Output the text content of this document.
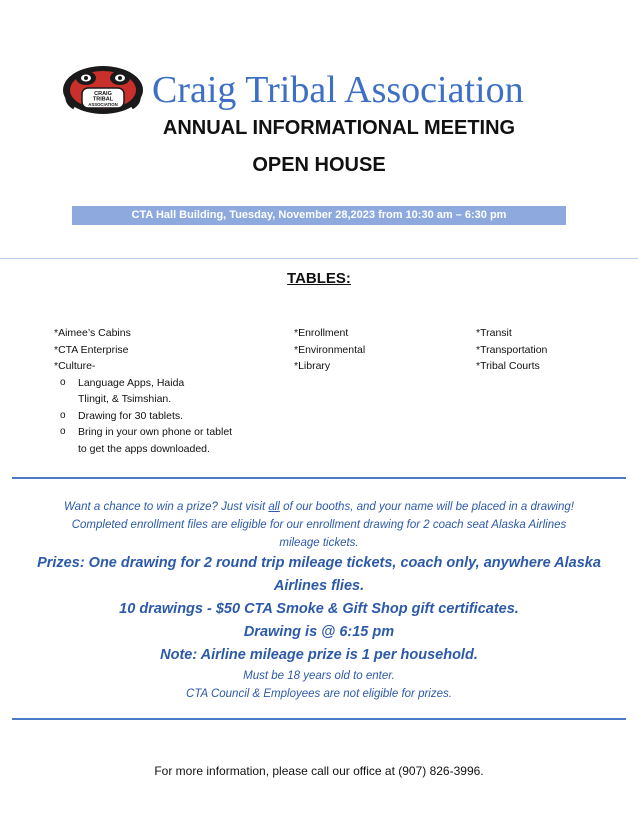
CRAIG
TRIBAL
ASSOCIATION Craig Tribal Association
ANNUAL INFORMATIONAL MEETING
OPEN HOUSE
CTA Hall Building, Tuesday, November 28,2023 from 10:30 am – 6:30 pm
TABLES:
*Aimee’s Cabins
*CTA Enterprise
*Culture-
o Language Apps, Haida
Tlingit, & Tsimshian.
o Drawing for 30 tablets.
o Bring in your own phone or tablet
to get the apps downloaded.
*Enrollment
*Environmental
*Library
*Transit
*Transportation
*Tribal Courts
Want a chance to win a prize? Just visit all of our booths, and your name will be placed in a drawing!
Completed enrollment files are eligible for our enrollment drawing for 2 coach seat Alaska Airlines
mileage tickets.
Prizes: One drawing for 2 round trip mileage tickets, coach only, anywhere Alaska
Airlines flies.
10 drawings - $50 CTA Smoke & Gift Shop gift certificates.
Drawing is @ 6:15 pm
Note: Airline mileage prize is 1 per household.
Must be 18 years old to enter.
CTA Council & Employees are not eligible for prizes.
For more information, please call our office at (907) 826-3996.
